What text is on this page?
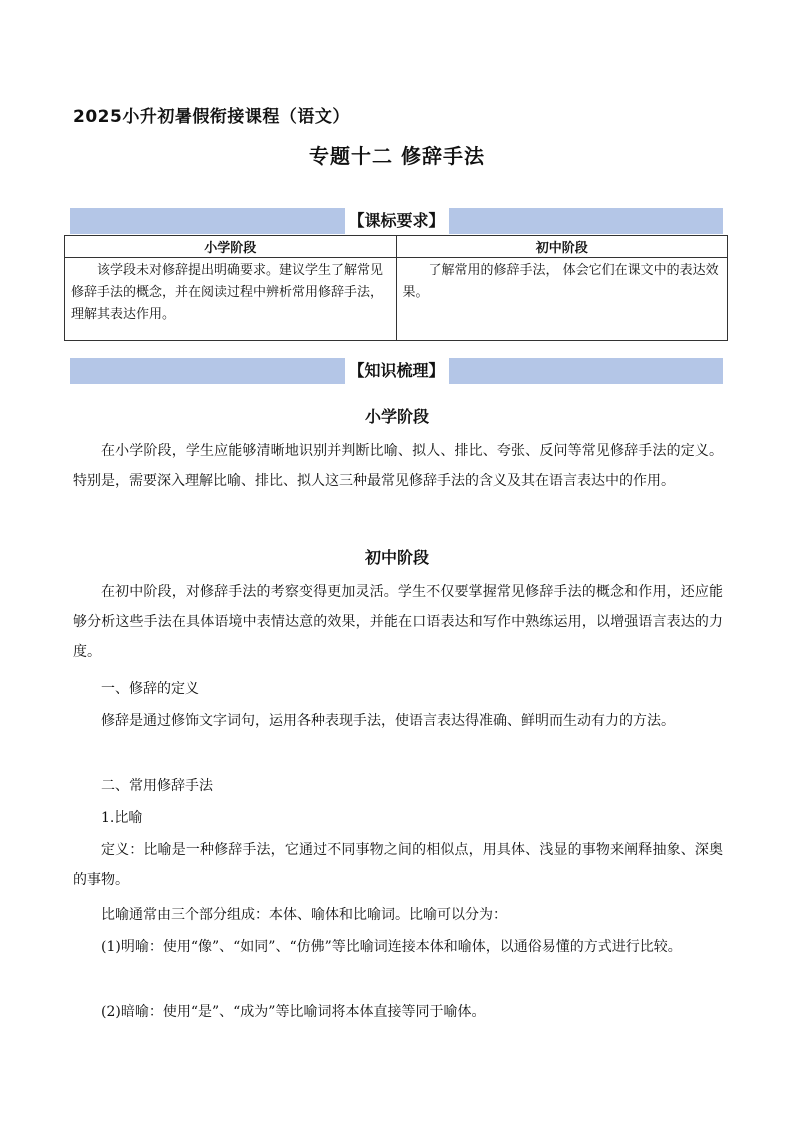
2025小升初暑假衔接课程（语文）
专题十二 修辞手法
【课标要求】
小学阶段	初中阶段
该学段未对修辞提出明确要求。建议学生了解常见修辞手法的概念，并在阅读过程中辨析常用修辞手法，理解其表达作用。	了解常用的修辞手法， 体会它们在课文中的表达效果。
【知识梳理】
小学阶段
在小学阶段，学生应能够清晰地识别并判断比喻、拟人、排比、夸张、反问等常见修辞手法的定义。特别是，需要深入理解比喻、排比、拟人这三种最常见修辞手法的含义及其在语言表达中的作用。
初中阶段
在初中阶段，对修辞手法的考察变得更加灵活。学生不仅要掌握常见修辞手法的概念和作用，还应能够分析这些手法在具体语境中表情达意的效果，并能在口语表达和写作中熟练运用，以增强语言表达的力度。
一、修辞的定义
修辞是通过修饰文字词句，运用各种表现手法，使语言表达得准确、鲜明而生动有力的方法。
二、常用修辞手法
1.比喻
定义：比喻是一种修辞手法，它通过不同事物之间的相似点，用具体、浅显的事物来阐释抽象、深奥的事物。
比喻通常由三个部分组成：本体、喻体和比喻词。比喻可以分为：
(1)明喻：使用“像”、“如同”、“仿佛”等比喻词连接本体和喻体，以通俗易懂的方式进行比较。
(2)暗喻：使用“是”、“成为”等比喻词将本体直接等同于喻体。
